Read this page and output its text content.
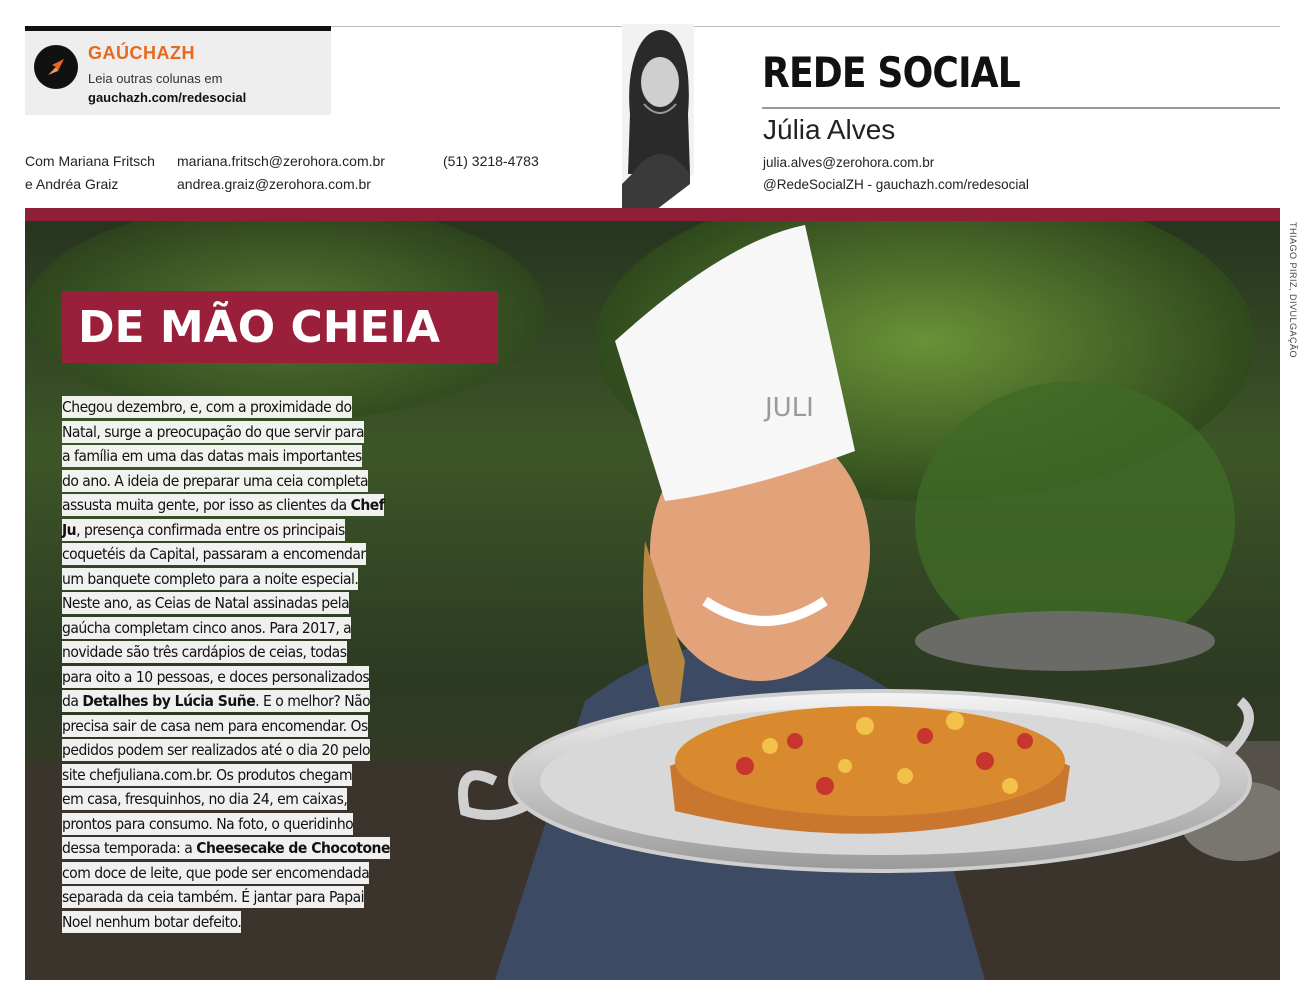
GAÚCHAZH
Leia outras colunas em
gauchazh.com/redesocial
Com Mariana Fritsch
e Andréa Graiz
mariana.fritsch@zerohora.com.br
andrea.graiz@zerohora.com.br
(51) 3218-4783
REDE SOCIAL
Júlia Alves
julia.alves@zerohora.com.br
@RedeSocialZH - gauchazh.com/redesocial
JULI
THIAGO PIRIZ, DIVULGAÇÃO
DE MÃO CHEIA
Chegou dezembro, e, com a proximidade do
Natal, surge a preocupação do que servir para
a família em uma das datas mais importantes
do ano. A ideia de preparar uma ceia completa
assusta muita gente, por isso as clientes da Chef
Ju, presença confirmada entre os principais
coquetéis da Capital, passaram a encomendar
um banquete completo para a noite especial.
Neste ano, as Ceias de Natal assinadas pela
gaúcha completam cinco anos. Para 2017, a
novidade são três cardápios de ceias, todas
para oito a 10 pessoas, e doces personalizados
da Detalhes by Lúcia Suñe. E o melhor? Não
precisa sair de casa nem para encomendar. Os
pedidos podem ser realizados até o dia 20 pelo
site chefjuliana.com.br. Os produtos chegam
em casa, fresquinhos, no dia 24, em caixas,
prontos para consumo. Na foto, o queridinho
dessa temporada: a Cheesecake de Chocotone
com doce de leite, que pode ser encomendada
separada da ceia também. É jantar para Papai
Noel nenhum botar defeito.
